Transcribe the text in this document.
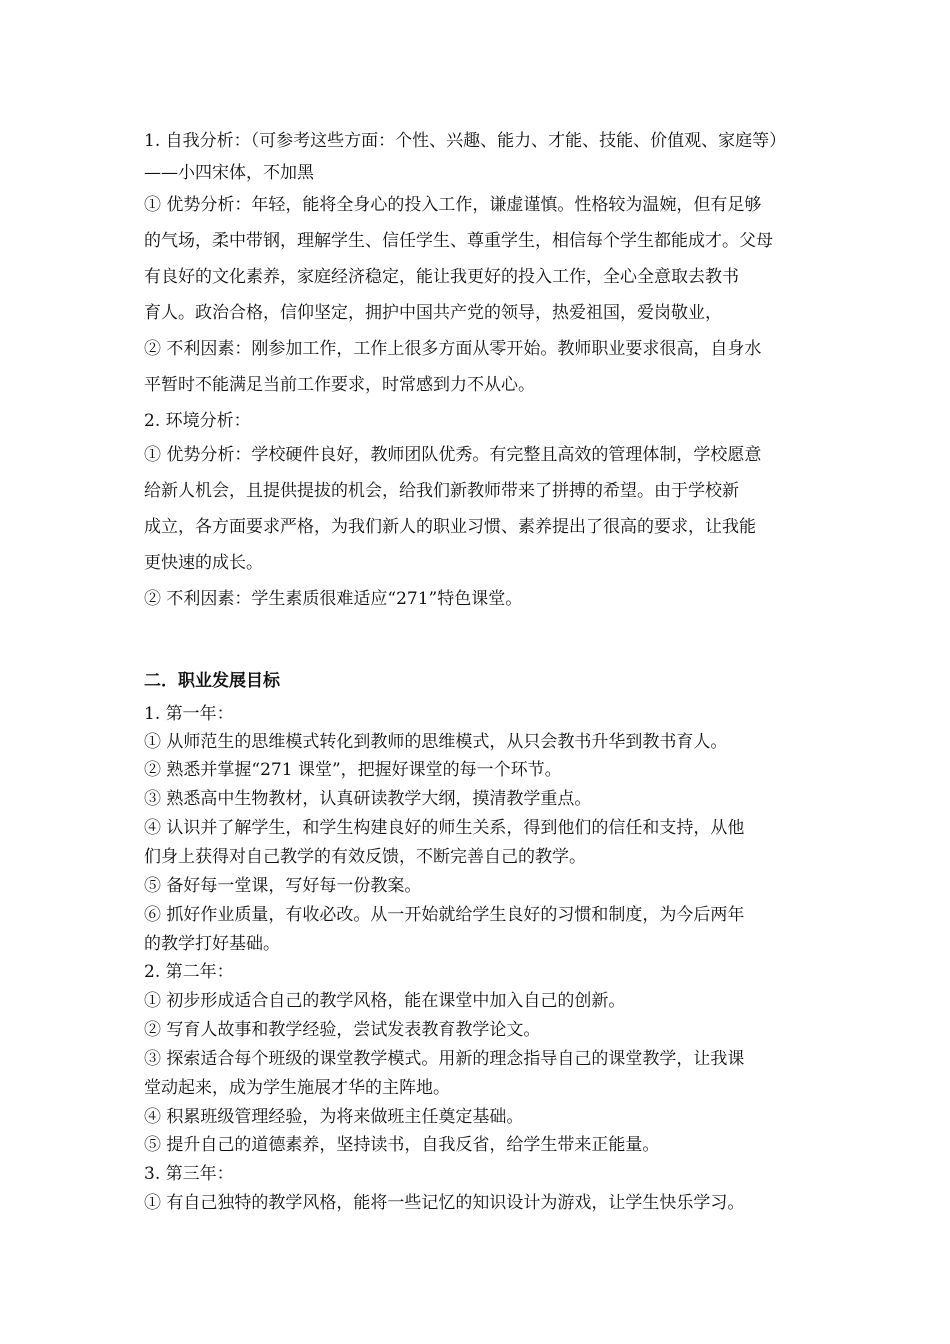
1. 自我分析：（可参考这些方面：个性、兴趣、能力、才能、技能、价值观、家庭等）
——小四宋体，不加黑
① 优势分析：年轻，能将全身心的投入工作，谦虚谨慎。性格较为温婉，但有足够
的气场，柔中带钢，理解学生、信任学生、尊重学生，相信每个学生都能成才。父母
有良好的文化素养，家庭经济稳定，能让我更好的投入工作，全心全意取去教书
育人。政治合格，信仰坚定，拥护中国共产党的领导，热爱祖国，爱岗敬业，
② 不利因素：刚参加工作，工作上很多方面从零开始。教师职业要求很高，自身水
平暂时不能满足当前工作要求，时常感到力不从心。
2. 环境分析：
① 优势分析：学校硬件良好，教师团队优秀。有完整且高效的管理体制，学校愿意
给新人机会，且提供提拔的机会，给我们新教师带来了拼搏的希望。由于学校新
成立，各方面要求严格，为我们新人的职业习惯、素养提出了很高的要求，让我能
更快速的成长。
② 不利因素：学生素质很难适应“271”特色课堂。
二．职业发展目标
1. 第一年：
① 从师范生的思维模式转化到教师的思维模式，从只会教书升华到教书育人。
② 熟悉并掌握“271 课堂”，把握好课堂的每一个环节。
③ 熟悉高中生物教材，认真研读教学大纲，摸清教学重点。
④ 认识并了解学生，和学生构建良好的师生关系，得到他们的信任和支持，从他
们身上获得对自己教学的有效反馈，不断完善自己的教学。
⑤ 备好每一堂课，写好每一份教案。
⑥ 抓好作业质量，有收必改。从一开始就给学生良好的习惯和制度，为今后两年
的教学打好基础。
2. 第二年：
① 初步形成适合自己的教学风格，能在课堂中加入自己的创新。
② 写育人故事和教学经验，尝试发表教育教学论文。
③ 探索适合每个班级的课堂教学模式。用新的理念指导自己的课堂教学，让我课
堂动起来，成为学生施展才华的主阵地。
④ 积累班级管理经验，为将来做班主任奠定基础。
⑤ 提升自己的道德素养，坚持读书，自我反省，给学生带来正能量。
3. 第三年：
① 有自己独特的教学风格，能将一些记忆的知识设计为游戏，让学生快乐学习。
